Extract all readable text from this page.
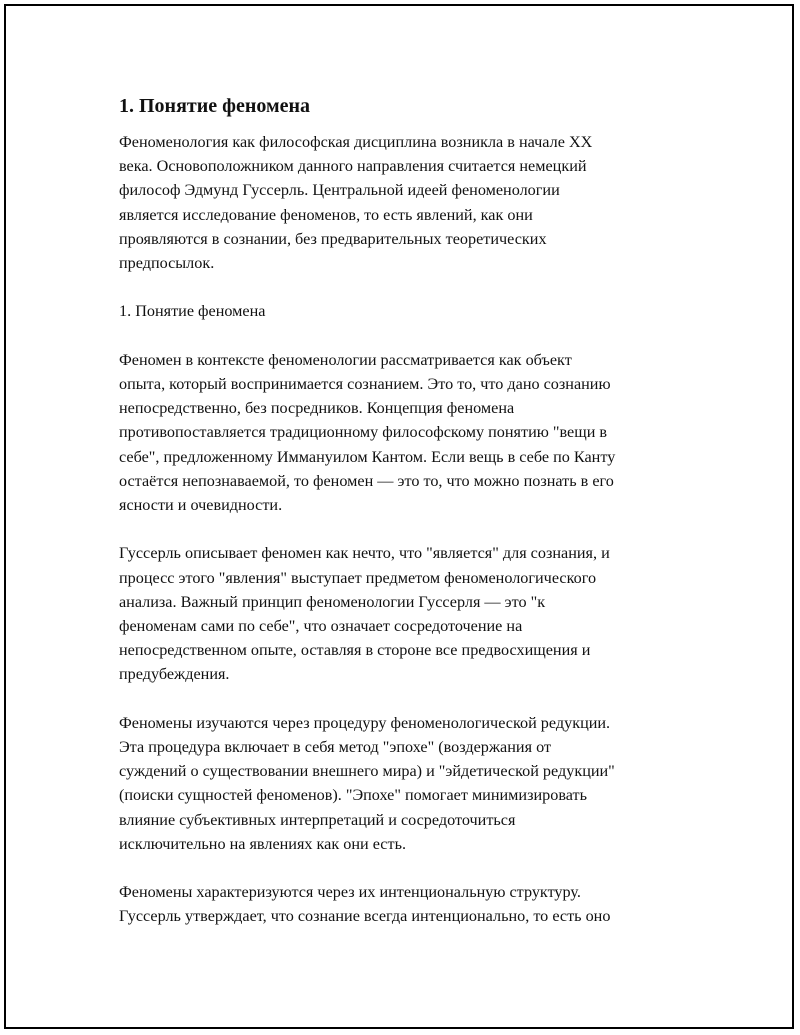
1. Понятие феномена

Феноменология как философская дисциплина возникла в начале XX
века. Основоположником данного направления считается немецкий
философ Эдмунд Гуссерль. Центральной идеей феноменологии
является исследование феноменов, то есть явлений, как они
проявляются в сознании, без предварительных теоретических
предпосылок.

1. Понятие феномена

Феномен в контексте феноменологии рассматривается как объект
опыта, который воспринимается сознанием. Это то, что дано сознанию
непосредственно, без посредников. Концепция феномена
противопоставляется традиционному философскому понятию "вещи в
себе", предложенному Иммануилом Кантом. Если вещь в себе по Канту
остаётся непознаваемой, то феномен — это то, что можно познать в его
ясности и очевидности.

Гуссерль описывает феномен как нечто, что "является" для сознания, и
процесс этого "явления" выступает предметом феноменологического
анализа. Важный принцип феноменологии Гуссерля — это "к
феноменам сами по себе", что означает сосредоточение на
непосредственном опыте, оставляя в стороне все предвосхищения и
предубеждения.

Феномены изучаются через процедуру феноменологической редукции.
Эта процедура включает в себя метод "эпохе" (воздержания от
суждений о существовании внешнего мира) и "эйдетической редукции"
(поиски сущностей феноменов). "Эпохе" помогает минимизировать
влияние субъективных интерпретаций и сосредоточиться
исключительно на явлениях как они есть.

Феномены характеризуются через их интенциональную структуру.
Гуссерль утверждает, что сознание всегда интенционально, то есть оно
